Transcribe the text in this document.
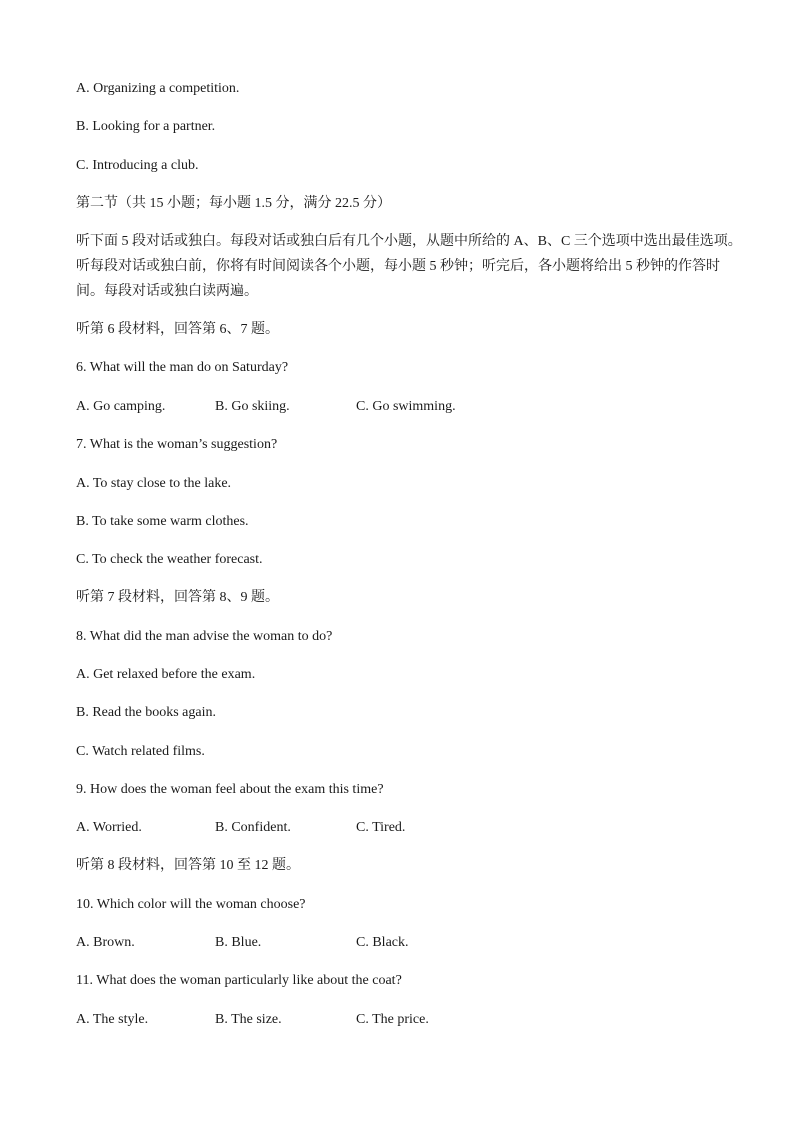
A. Organizing a competition.
B. Looking for a partner.
C. Introducing a club.
第二节（共 15 小题；每小题 1.5 分，满分 22.5 分）
听下面 5 段对话或独白。每段对话或独白后有几个小题，从题中所给的 A、B、C 三个选项中选出最佳选项。
听每段对话或独白前，你将有时间阅读各个小题，每小题 5 秒钟；听完后，各小题将给出 5 秒钟的作答时
间。每段对话或独白读两遍。
听第 6 段材料，回答第 6、7 题。
6. What will the man do on Saturday?
A. Go camping.	B. Go skiing.	C. Go swimming.
7. What is the woman’s suggestion?
A. To stay close to the lake.
B. To take some warm clothes.
C. To check the weather forecast.
听第 7 段材料，回答第 8、9 题。
8. What did the man advise the woman to do?
A. Get relaxed before the exam.
B. Read the books again.
C. Watch related films.
9. How does the woman feel about the exam this time?
A. Worried.	B. Confident.	C. Tired.
听第 8 段材料，回答第 10 至 12 题。
10. Which color will the woman choose?
A. Brown.	B. Blue.	C. Black.
11. What does the woman particularly like about the coat?
A. The style.	B. The size.	C. The price.
